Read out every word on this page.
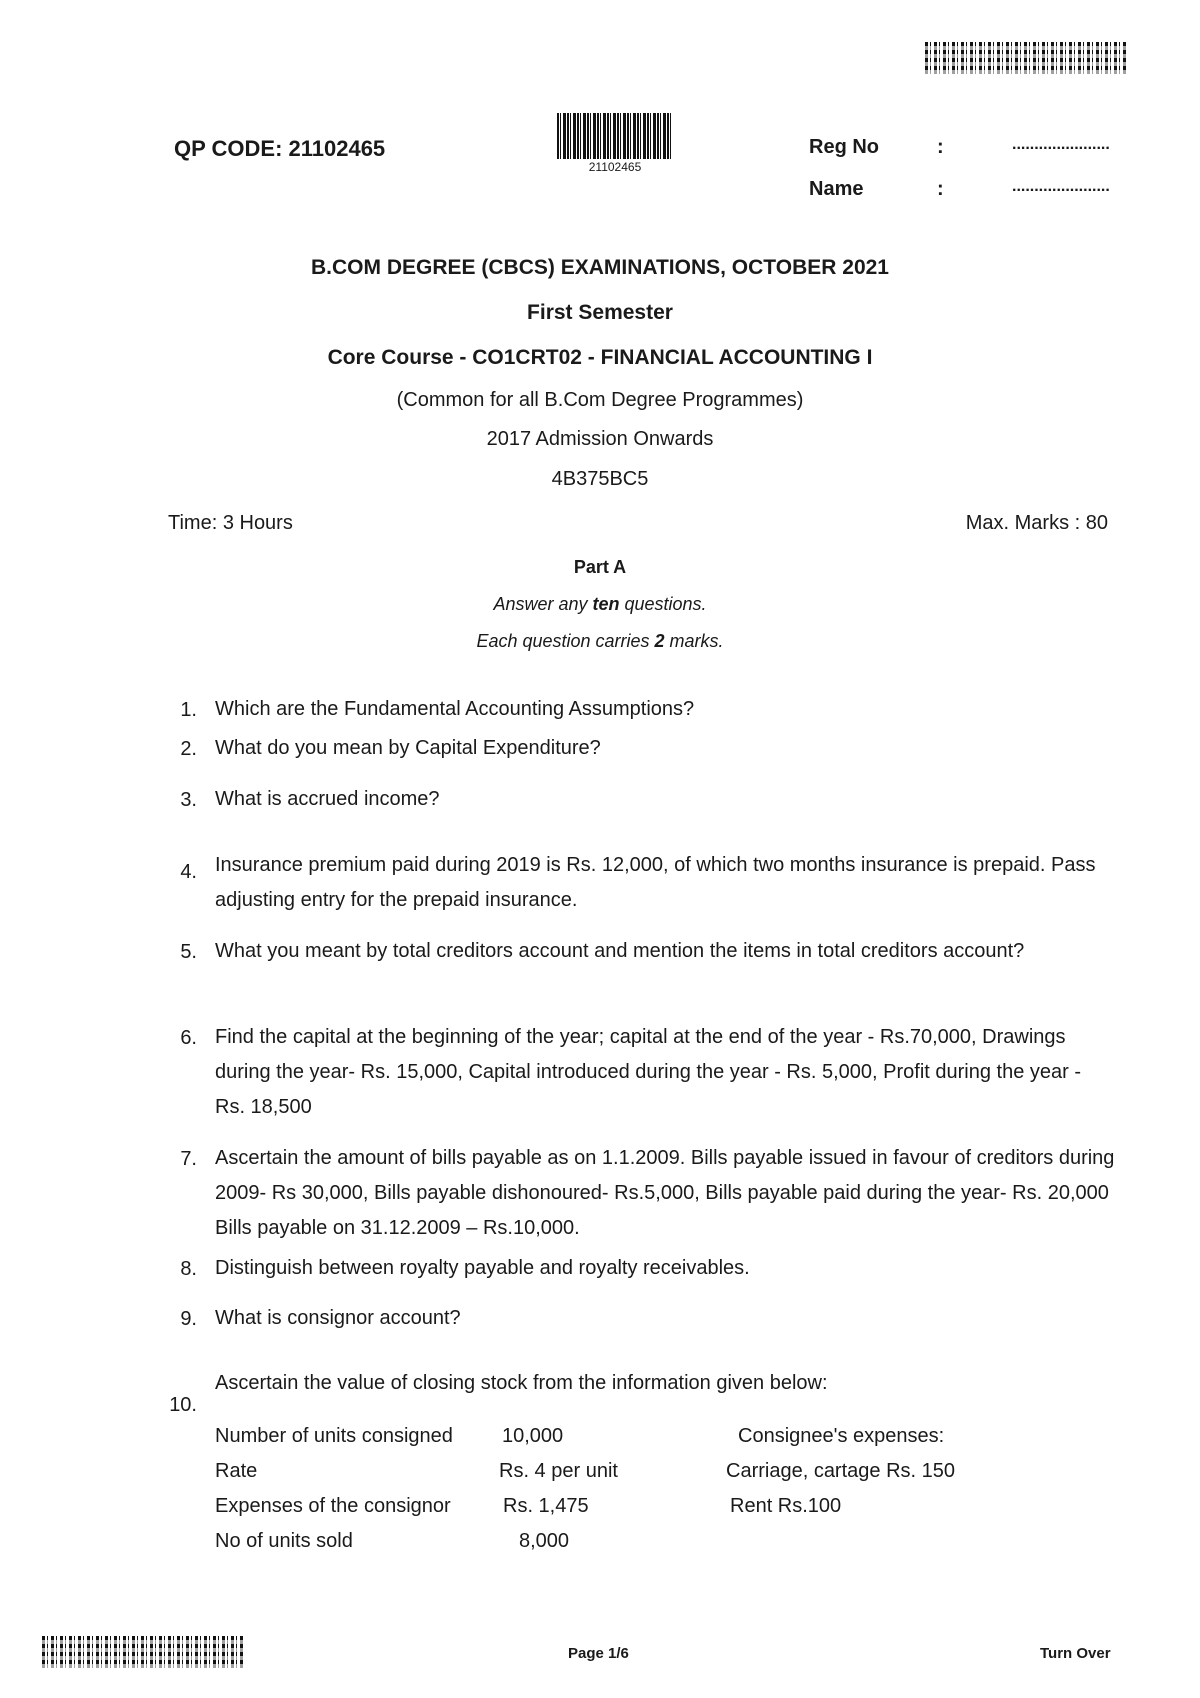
QP CODE: 21102465
21102465
Reg No	:	......................
Name	:	......................
B.COM DEGREE (CBCS) EXAMINATIONS, OCTOBER 2021
First Semester
Core Course - CO1CRT02 - FINANCIAL ACCOUNTING I
(Common for all B.Com Degree Programmes)
2017 Admission Onwards
4B375BC5
Time: 3 Hours	Max. Marks : 80
Part A
Answer any ten questions.
Each question carries 2 marks.
1. Which are the Fundamental Accounting Assumptions?
2. What do you mean by Capital Expenditure?
3. What is accrued income?
4. Insurance premium paid during 2019 is Rs. 12,000, of which two months insurance is prepaid. Pass adjusting entry for the prepaid insurance.
5. What you meant by total creditors account and mention the items in total creditors account?
6. Find the capital at the beginning of the year; capital at the end of the year - Rs.70,000, Drawings during the year- Rs. 15,000, Capital introduced during the year - Rs. 5,000, Profit during the year - Rs. 18,500
7. Ascertain the amount of bills payable as on 1.1.2009. Bills payable issued in favour of creditors during 2009- Rs 30,000, Bills payable dishonoured- Rs.5,000, Bills payable paid during the year- Rs. 20,000 Bills payable on 31.12.2009 – Rs.10,000.
8. Distinguish between royalty payable and royalty receivables.
9. What is consignor account?
10.
Ascertain the value of closing stock from the information given below:
Number of units consigned 10,000	Consignee's expenses:
Rate	Rs. 4 per unit	Carriage, cartage Rs. 150
Expenses of the consignor	Rs. 1,475	Rent Rs.100
No of units sold	8,000
Page 1/6	Turn Over
